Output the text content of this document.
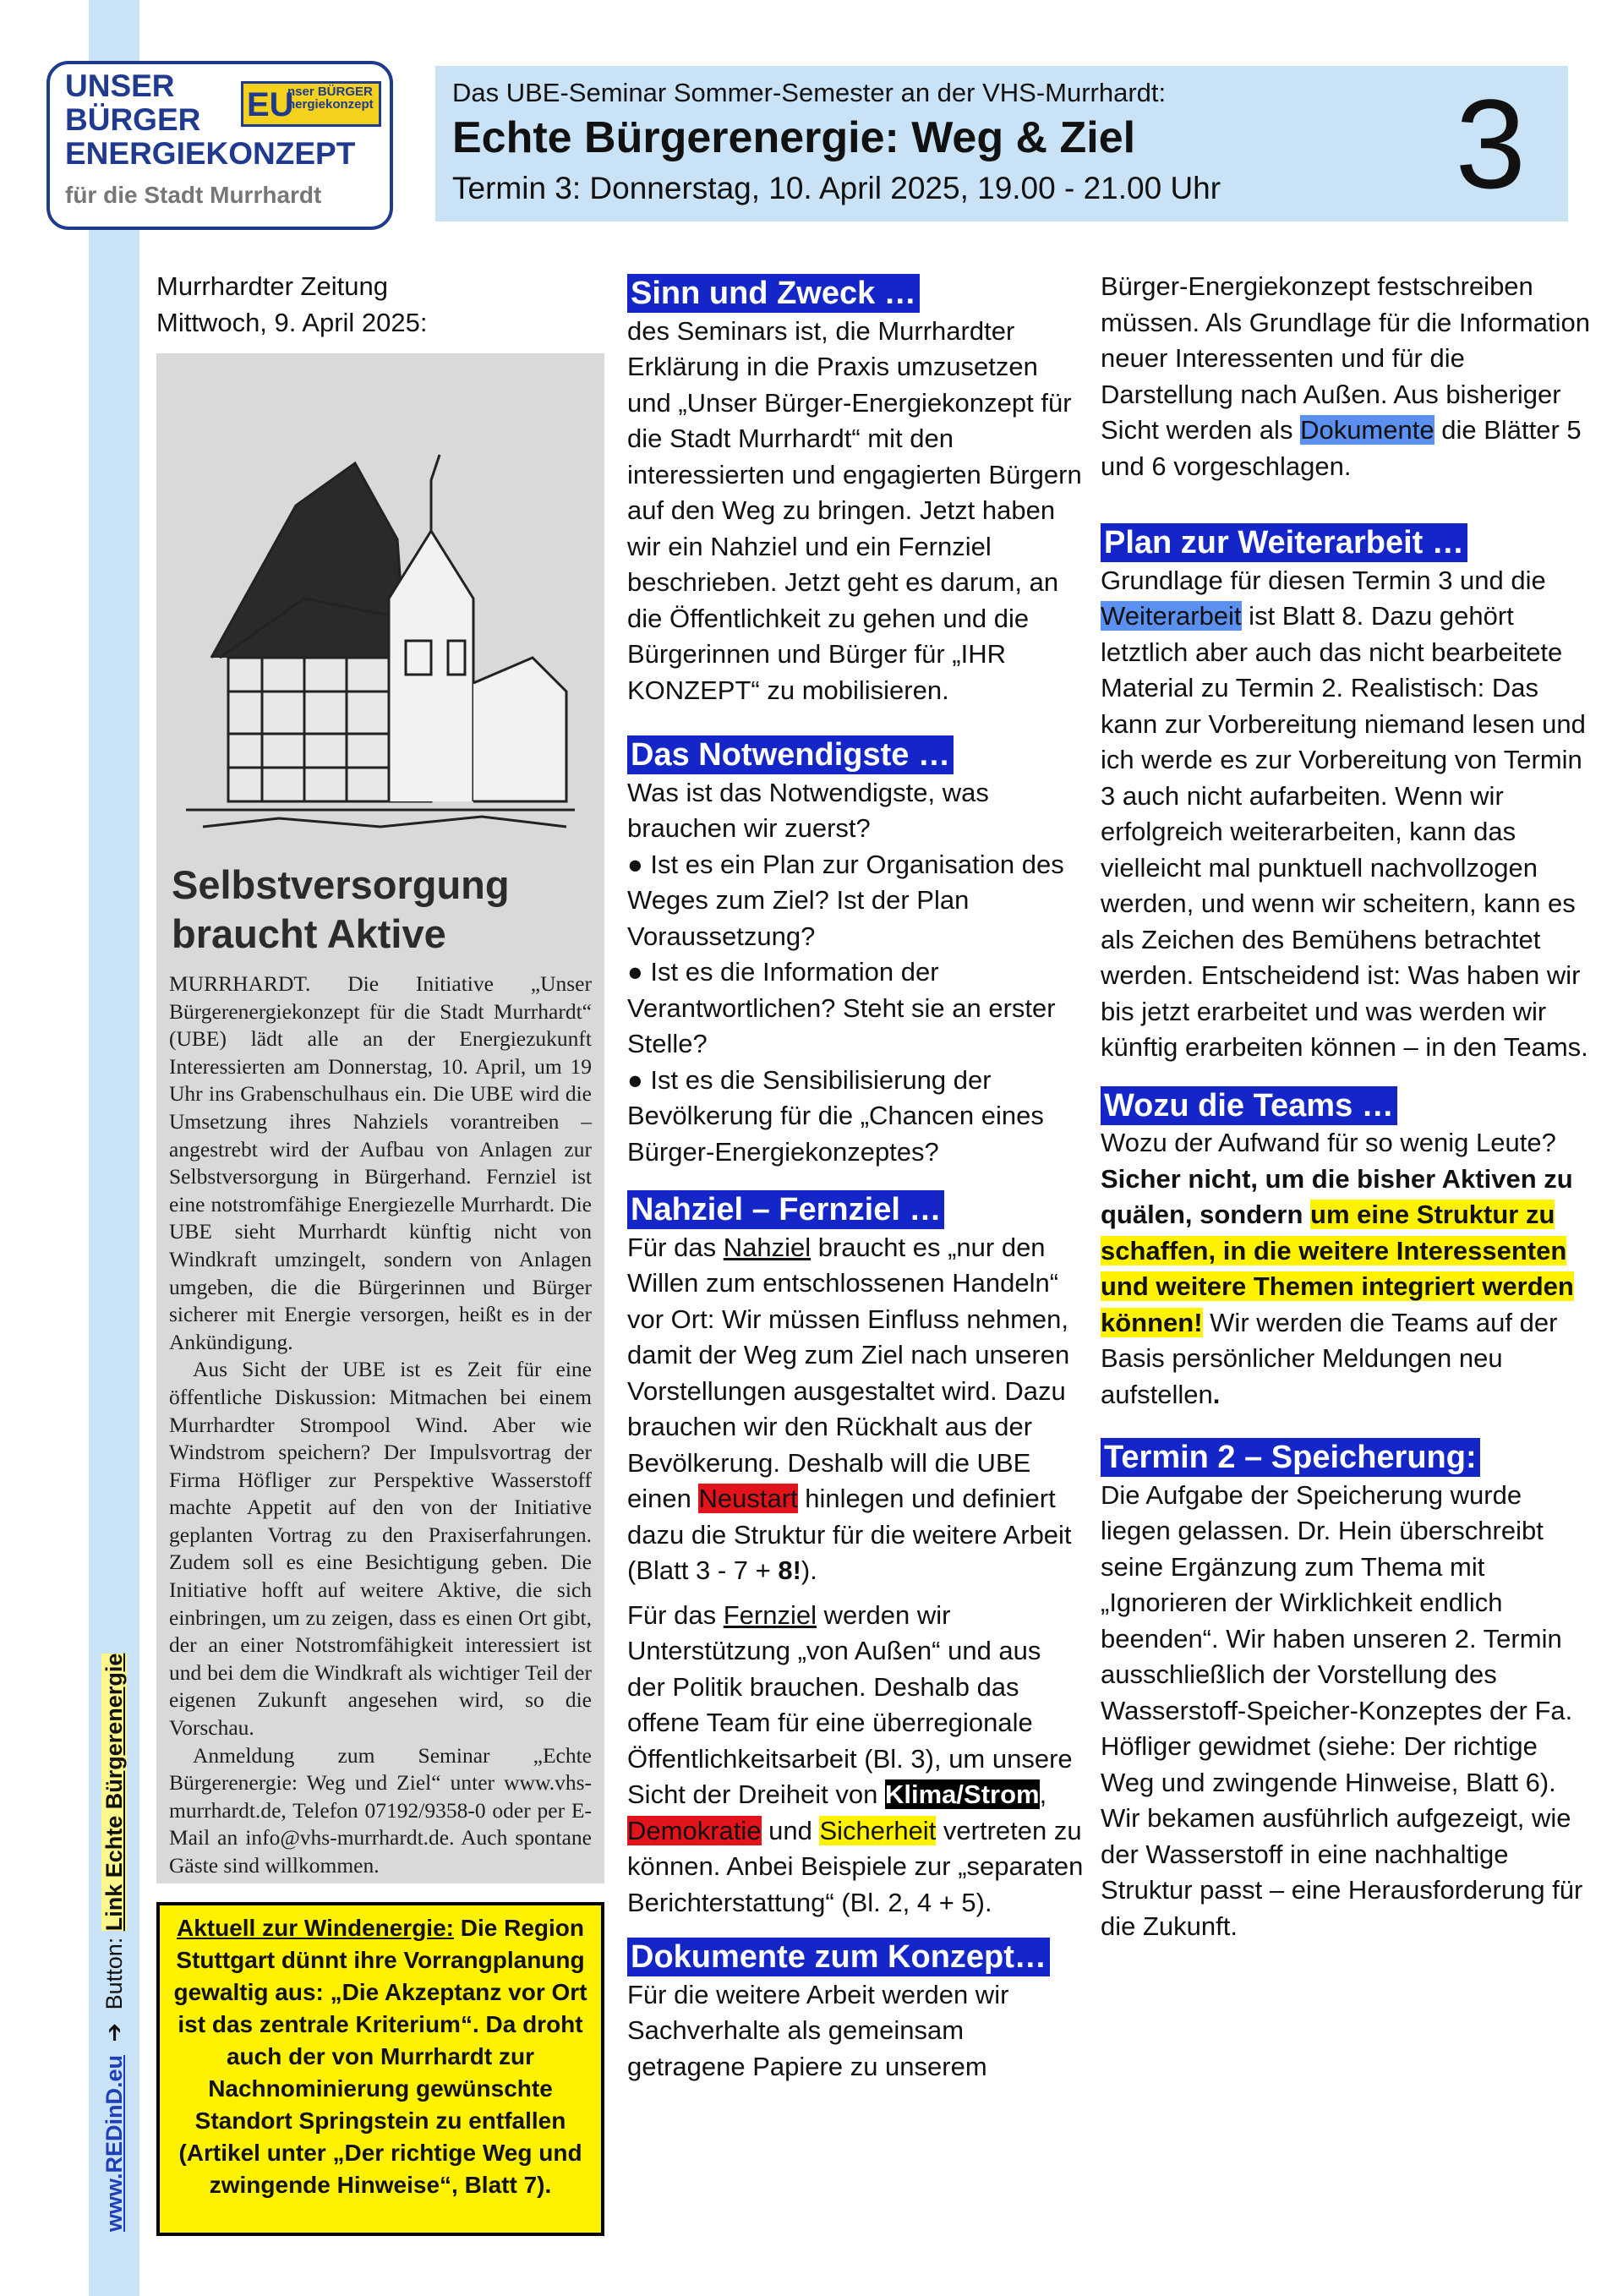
www.REDinD.eu ➔ Button: Link Echte Bürgerenergie
UNSER
BÜRGER
ENERGIEKONZEPT
für die Stadt Murrhardt
EU
nser BÜRGER nergiekonzept	Das UBE-Seminar Sommer-Semester an der VHS-Murrhardt:
Echte Bürgerenergie: Weg & Ziel
Termin 3: Donnerstag, 10. April 2025, 19.00 - 21.00 Uhr 3

Murrhardter Zeitung

Mittwoch, 9. April 2025:

Selbstversorgung
braucht Aktive

MURRHARDT. Die Initiative „Unser Bürgerenergiekonzept für die Stadt Murrhardt“ (UBE) lädt alle an der Energiezukunft Interessierten am Donnerstag, 10. April, um 19 Uhr ins Grabenschulhaus ein. Die UBE wird die Umsetzung ihres Nahziels vorantreiben – angestrebt wird der Aufbau von Anlagen zur Selbstversorgung in Bürgerhand. Fernziel ist eine notstromfähige Energiezelle Murrhardt. Die UBE sieht Murrhardt künftig nicht von Windkraft umzingelt, sondern von Anlagen umgeben, die die Bürgerinnen und Bürger sicherer mit Energie versorgen, heißt es in der Ankündigung.

Aus Sicht der UBE ist es Zeit für eine öffentliche Diskussion: Mitmachen bei einem Murrhardter Strompool Wind. Aber wie Windstrom speichern? Der Impulsvortrag der Firma Höfliger zur Perspektive Wasserstoff machte Appetit auf den von der Initiative geplanten Vortrag zu den Praxiserfahrungen. Zudem soll es eine Besichtigung geben. Die Initiative hofft auf weitere Aktive, die sich einbringen, um zu zeigen, dass es einen Ort gibt, der an einer Notstromfähigkeit interessiert ist und bei dem die Windkraft als wichtiger Teil der eigenen Zukunft angesehen wird, so die Vorschau.

Anmeldung zum Seminar „Echte Bürgerenergie: Weg und Ziel“ unter www.vhs-murrhardt.de, Telefon 07192/9358-0 oder per E-Mail an info@vhs-murrhardt.de. Auch spontane Gäste sind willkommen.

Aktuell zur Windenergie: Die Region Stuttgart dünnt ihre Vorrangplanung gewaltig aus: „Die Akzeptanz vor Ort ist das zentrale Kriterium“. Da droht auch der von Murrhardt zur Nachnominierung gewünschte Standort Springstein zu entfallen (Artikel unter „Der richtige Weg und zwingende Hinweise“, Blatt 7).
Sinn und Zweck …

des Seminars ist, die Murrhardter Erklärung in die Praxis umzusetzen und „Unser Bürger-Energiekonzept für die Stadt Murrhardt“ mit den interessierten und engagierten Bürgern auf den Weg zu bringen. Jetzt haben wir ein Nahziel und ein Fernziel beschrieben. Jetzt geht es darum, an die Öffentlichkeit zu gehen und die Bürgerinnen und Bürger für „IHR KONZEPT“ zu mobilisieren.

Das Notwendigste …

Was ist das Notwendigste, was brauchen wir zuerst?

● Ist es ein Plan zur Organisation des Weges zum Ziel? Ist der Plan Voraussetzung?

● Ist es die Information der Verantwortlichen? Steht sie an erster Stelle?

● Ist es die Sensibilisierung der Bevölkerung für die „Chancen eines Bürger-Energiekonzeptes?

Nahziel – Fernziel …

Für das Nahziel braucht es „nur den Willen zum entschlossenen Handeln“ vor Ort: Wir müssen Einfluss nehmen, damit der Weg zum Ziel nach unseren Vorstellungen ausgestaltet wird. Dazu brauchen wir den Rückhalt aus der Bevölkerung. Deshalb will die UBE einen Neustart hinlegen und definiert dazu die Struktur für die weitere Arbeit (Blatt 3 - 7 + 8!).

Für das Fernziel werden wir Unterstützung „von Außen“ und aus der Politik brauchen. Deshalb das offene Team für eine überregionale Öffentlichkeitsarbeit (Bl. 3), um unsere Sicht der Dreiheit von Klima/Strom, Demokratie und Sicherheit vertreten zu können. Anbei Beispiele zur „separaten Berichterstattung“ (Bl. 2, 4 + 5).

Dokumente zum Konzept…

Für die weitere Arbeit werden wir Sachverhalte als gemeinsam getragene Papiere zu unserem

Bürger-Energiekonzept festschreiben müssen. Als Grundlage für die Information neuer Interessenten und für die Darstellung nach Außen. Aus bisheriger Sicht werden als Dokumente die Blätter 5 und 6 vorgeschlagen.

Plan zur Weiterarbeit …

Grundlage für diesen Termin 3 und die Weiterarbeit ist Blatt 8. Dazu gehört letztlich aber auch das nicht bearbeitete Material zu Termin 2. Realistisch: Das kann zur Vorbereitung niemand lesen und ich werde es zur Vorbereitung von Termin 3 auch nicht aufarbeiten. Wenn wir erfolgreich weiterarbeiten, kann das vielleicht mal punktuell nachvollzogen werden, und wenn wir scheitern, kann es als Zeichen des Bemühens betrachtet werden. Entscheidend ist: Was haben wir bis jetzt erarbeitet und was werden wir künftig erarbeiten können – in den Teams.

Wozu die Teams …

Wozu der Aufwand für so wenig Leute? Sicher nicht, um die bisher Aktiven zu quälen, sondern um eine Struktur zu schaffen, in die weitere Interessenten und weitere Themen integriert werden können! Wir werden die Teams auf der Basis persönlicher Meldungen neu aufstellen.

Termin 2 – Speicherung:

Die Aufgabe der Speicherung wurde liegen gelassen. Dr. Hein überschreibt seine Ergänzung zum Thema mit „Ignorieren der Wirklichkeit endlich beenden“. Wir haben unseren 2. Termin ausschließlich der Vorstellung des Wasserstoff-Speicher-Konzeptes der Fa. Höfliger gewidmet (siehe: Der richtige Weg und zwingende Hinweise, Blatt 6). Wir bekamen ausführlich aufgezeigt, wie der Wasserstoff in eine nachhaltige Struktur passt – eine Herausforderung für die Zukunft.
